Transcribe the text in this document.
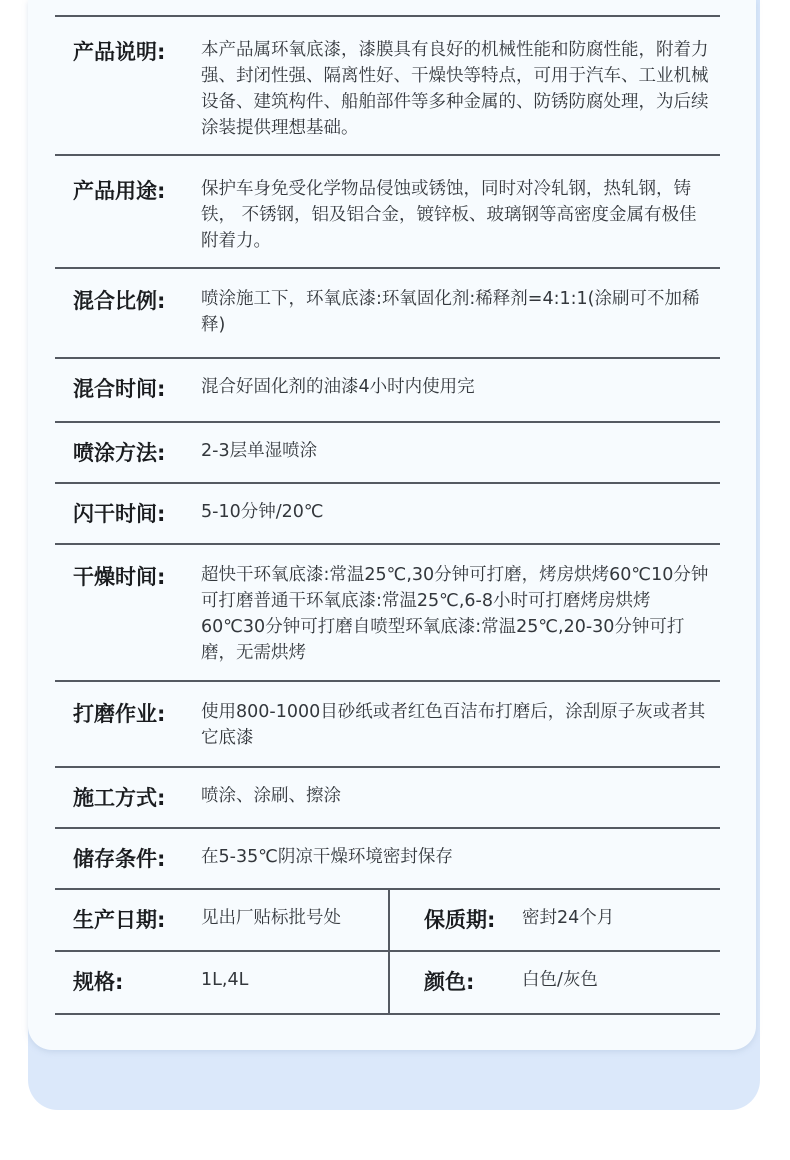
产品说明:	本产品属环氧底漆，漆膜具有良好的机械性能和防腐性能，附着力强、封闭性强、隔离性好、干燥快等特点，可用于汽车、工业机械设备、建筑构件、船舶部件等多种金属的、防锈防腐处理，为后续涂装提供理想基础。
产品用途:	保护车身免受化学物品侵蚀或锈蚀，同时对冷轧钢，热轧钢，铸铁， 不锈钢，铝及铝合金，镀锌板、玻璃钢等高密度金属有极佳附着力。
混合比例:	喷涂施工下，环氧底漆:环氧固化剂:稀释剂=4:1:1(涂刷可不加稀释)
混合时间:	混合好固化剂的油漆4小时内使用完
喷涂方法:	2-3层单湿喷涂
闪干时间:	5-10分钟/20℃
干燥时间:	超快干环氧底漆:常温25℃,30分钟可打磨，烤房烘烤60℃10分钟可打磨普通干环氧底漆:常温25℃,6-8小时可打磨烤房烘烤60℃30分钟可打磨自喷型环氧底漆:常温25℃,20-30分钟可打磨，无需烘烤
打磨作业:	使用800-1000目砂纸或者红色百洁布打磨后，涂刮原子灰或者其它底漆
施工方式:	喷涂、涂刷、擦涂
储存条件:	在5-35℃阴凉干燥环境密封保存
生产日期:	见出厂贴标批号处	保质期:	密封24个月
规格:	1L,4L	颜色:	白色/灰色
